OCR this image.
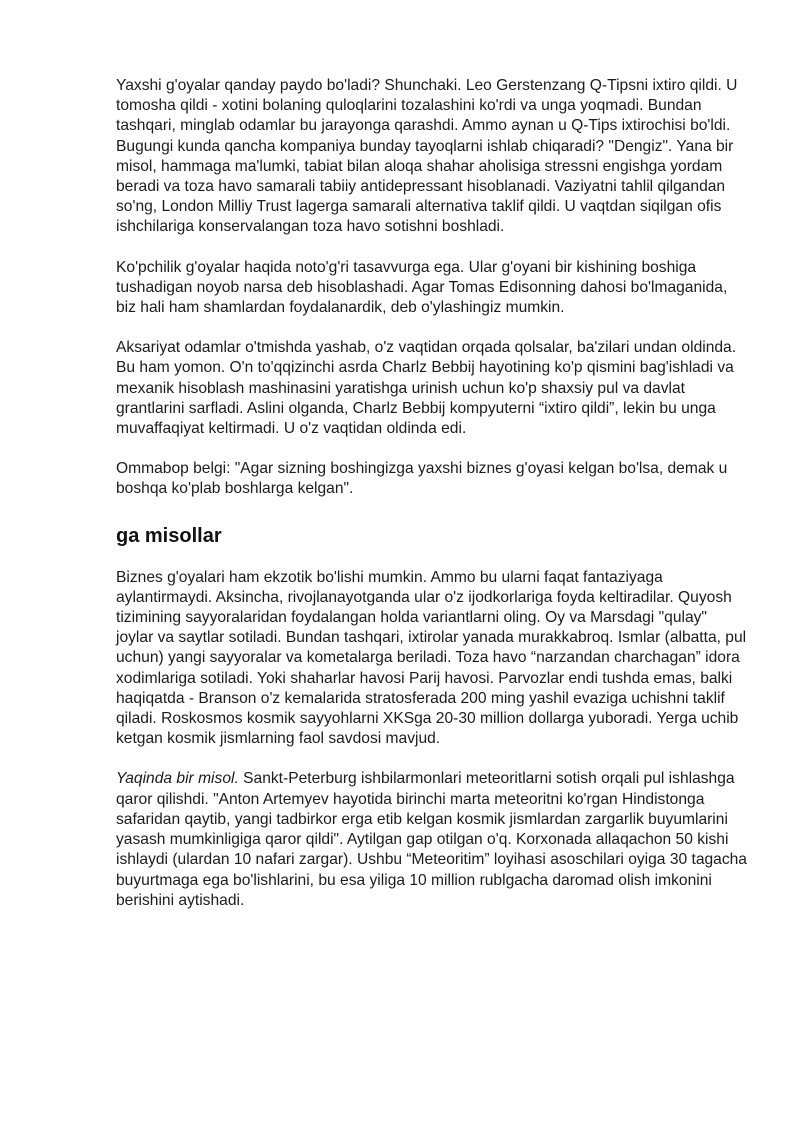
Yaxshi g'oyalar qanday paydo bo'ladi? Shunchaki. Leo Gerstenzang Q-Tipsni ixtiro qildi. U tomosha qildi - xotini bolaning quloqlarini tozalashini ko'rdi va unga yoqmadi. Bundan tashqari, minglab odamlar bu jarayonga qarashdi. Ammo aynan u Q-Tips ixtirochisi bo'ldi. Bugungi kunda qancha kompaniya bunday tayoqlarni ishlab chiqaradi? "Dengiz". Yana bir misol, hammaga ma'lumki, tabiat bilan aloqa shahar aholisiga stressni engishga yordam beradi va toza havo samarali tabiiy antidepressant hisoblanadi. Vaziyatni tahlil qilgandan so'ng, London Milliy Trust lagerga samarali alternativa taklif qildi. U vaqtdan siqilgan ofis ishchilariga konservalangan toza havo sotishni boshladi.

Ko'pchilik g'oyalar haqida noto'g'ri tasavvurga ega. Ular g'oyani bir kishining boshiga tushadigan noyob narsa deb hisoblashadi. Agar Tomas Edisonning dahosi bo'lmaganida, biz hali ham shamlardan foydalanardik, deb o'ylashingiz mumkin.

Aksariyat odamlar o'tmishda yashab, o'z vaqtidan orqada qolsalar, ba'zilari undan oldinda. Bu ham yomon. O'n to'qqizinchi asrda Charlz Bebbij hayotining ko'p qismini bag'ishladi va mexanik hisoblash mashinasini yaratishga urinish uchun ko'p shaxsiy pul va davlat grantlarini sarfladi. Aslini olganda, Charlz Bebbij kompyuterni “ixtiro qildi”, lekin bu unga muvaffaqiyat keltirmadi. U o'z vaqtidan oldinda edi.

Ommabop belgi: "Agar sizning boshingizga yaxshi biznes g'oyasi kelgan bo'lsa, demak u boshqa ko'plab boshlarga kelgan".

ga misollar

Biznes g'oyalari ham ekzotik bo'lishi mumkin. Ammo bu ularni faqat fantaziyaga aylantirmaydi. Aksincha, rivojlanayotganda ular o'z ijodkorlariga foyda keltiradilar. Quyosh tizimining sayyoralaridan foydalangan holda variantlarni oling. Oy va Marsdagi "qulay" joylar va saytlar sotiladi. Bundan tashqari, ixtirolar yanada murakkabroq. Ismlar (albatta, pul uchun) yangi sayyoralar va kometalarga beriladi. Toza havo “narzandan charchagan” idora xodimlariga sotiladi. Yoki shaharlar havosi Parij havosi. Parvozlar endi tushda emas, balki haqiqatda - Branson o'z kemalarida stratosferada 200 ming yashil evaziga uchishni taklif qiladi. Roskosmos kosmik sayyohlarni XKSga 20-30 million dollarga yuboradi. Yerga uchib ketgan kosmik jismlarning faol savdosi mavjud.

Yaqinda bir misol. Sankt-Peterburg ishbilarmonlari meteoritlarni sotish orqali pul ishlashga qaror qilishdi. "Anton Artemyev hayotida birinchi marta meteoritni ko'rgan Hindistonga safaridan qaytib, yangi tadbirkor erga etib kelgan kosmik jismlardan zargarlik buyumlarini yasash mumkinligiga qaror qildi". Aytilgan gap otilgan o'q. Korxonada allaqachon 50 kishi ishlaydi (ulardan 10 nafari zargar). Ushbu “Meteoritim” loyihasi asoschilari oyiga 30 tagacha buyurtmaga ega bo'lishlarini, bu esa yiliga 10 million rublgacha daromad olish imkonini berishini aytishadi.
